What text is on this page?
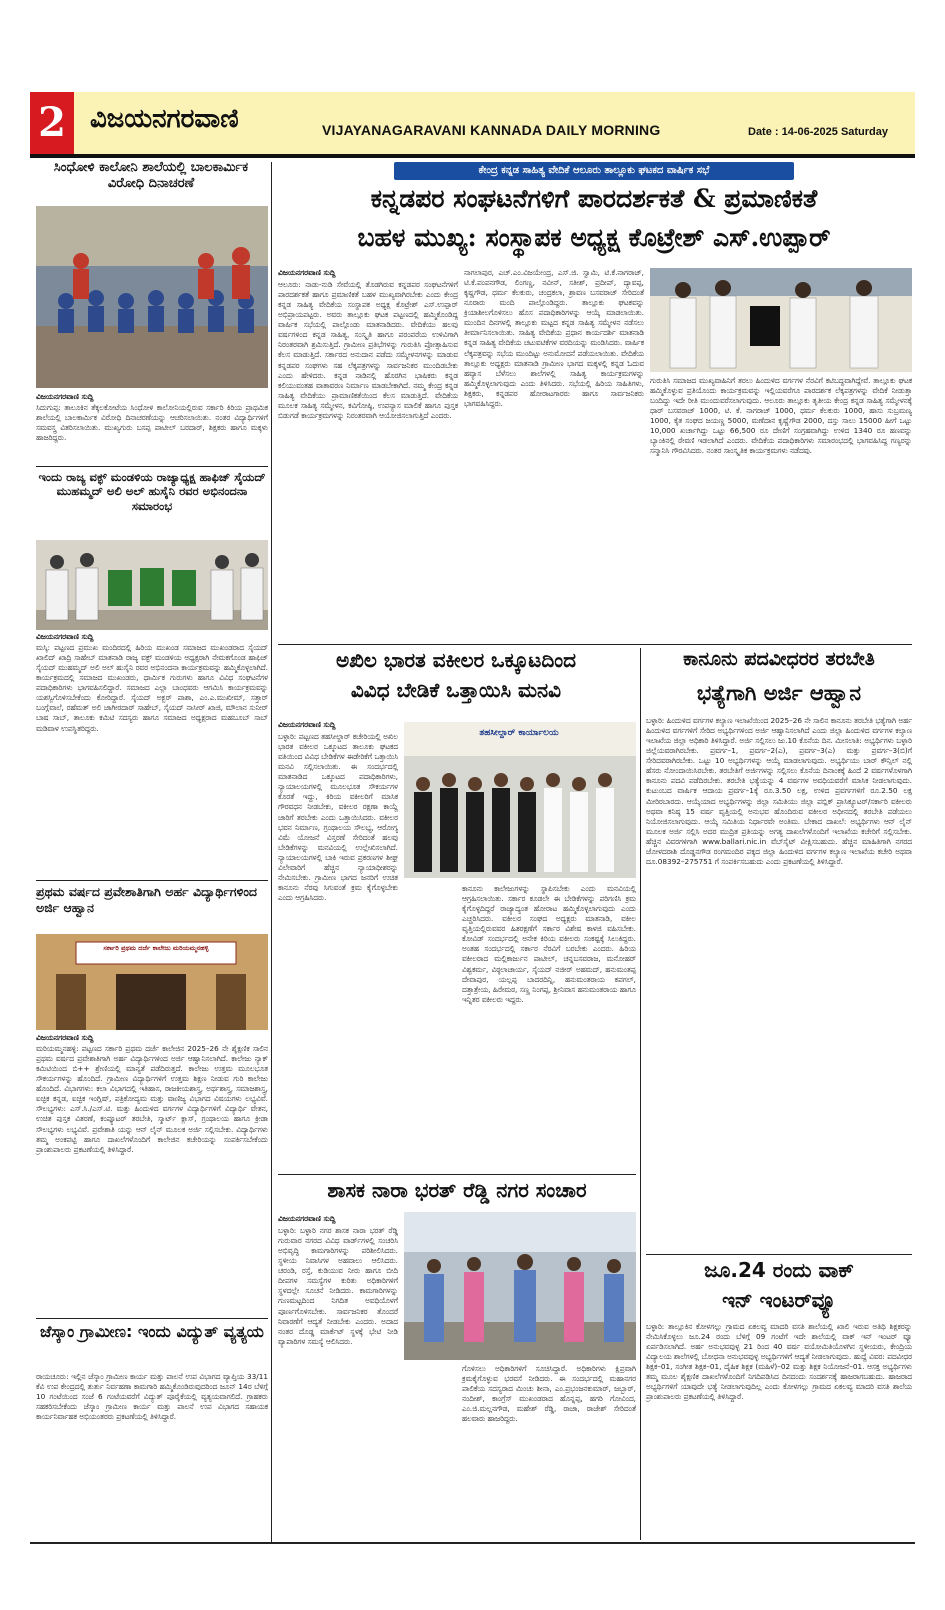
2 ವಿಜಯನಗರವಾಣಿ	VIJAYANAGARAVANI KANNADA DAILY MORNING	Date : 14-06-2025 Saturday
ಸಿಂಧೋಳಿ ಕಾಲೋನಿ ಶಾಲೆಯಲ್ಲಿ ಬಾಲಕಾರ್ಮಿಕ ವಿರೋಧಿ ದಿನಾಚರಣೆ
ವಿಜಯನಗರವಾಣಿ ಸುದ್ದಿ
ಸಿದುಗುಪ್ಪ: ತಾಲೂಕಿನ ತೆಕ್ಕಲಕೋಟೆಯ ಸಿಂಧೋಳಿ ಕಾಲೋನಿಯಲ್ಲಿರುವ ಸರ್ಕಾರಿ ಕಿರಿಯ ಪ್ರಾಥಮಿಕ ಶಾಲೆಯಲ್ಲಿ ಬಾಲಕಾರ್ಮಿಕ ವಿರೋಧಿ ದಿನಾಚರಣೆಯನ್ನು ಆಚರಿಸಲಾಯಿತು. ನಂತರ ವಿದ್ಯಾರ್ಥಿಗಳಿಗೆ ಸಮವಸ್ತ್ರ ವಿತರಿಸಲಾಯಿತು. ಮುಖ್ಯಗುರು ಬಸಪ್ಪ ಪಾಟೀಲ್ ಬರದಾರ್, ಶಿಕ್ಷಕರು ಹಾಗೂ ಮಕ್ಕಳು ಹಾಜರಿದ್ದರು.
ಇಂದು ರಾಜ್ಯ ವಕ್ಫ್ ಮಂಡಳಿಯ ರಾಜ್ಯಾಧ್ಯಕ್ಷ ಹಾಫಿಜ್ ಸೈಯದ್ ಮುಹಮ್ಮದ್ ಅಲಿ ಅಲ್ ಹುಸೈನಿ ರವರ ಅಭಿನಂದನಾ ಸಮಾರಂಭ
ವಿಜಯನಗರವಾಣಿ ಸುದ್ದಿ
ಮಸ್ಕಿ: ಪಟ್ಟಣದ ಪ್ರಮುಖ ಮಂದಿರದಲ್ಲಿ ಹಿರಿಯ ಮುಖಂಡ ಸಮಾಜದ ಮುಖಂಡರಾದ ಸೈಯದ್ ಖಾಲಿದ್ ಖಾದ್ರಿ ಸಾಹೇಬ್ ಮಾತನಾಡಿ ರಾಜ್ಯ ವಕ್ಫ್ ಮಂಡಳಿಯ ಅಧ್ಯಕ್ಷರಾಗಿ ನೇಮಕಗೊಂಡ ಹಾಫಿಜ್ ಸೈಯದ್ ಮುಹಮ್ಮದ್ ಅಲಿ ಅಲ್ ಹುಸೈನಿ ರವರ ಅಭಿನಂದನಾ ಕಾರ್ಯಕ್ರಮವನ್ನು ಹಮ್ಮಿಕೊಳ್ಳಲಾಗಿದೆ. ಕಾರ್ಯಕ್ರಮದಲ್ಲಿ ಸಮಾಜದ ಮುಖಂಡರು, ಧಾರ್ಮಿಕ ಗುರುಗಳು ಹಾಗೂ ವಿವಿಧ ಸಂಘಟನೆಗಳ ಪದಾಧಿಕಾರಿಗಳು ಭಾಗವಹಿಸಲಿದ್ದಾರೆ. ಸಮಾಜದ ಎಲ್ಲಾ ಬಾಂಧವರು ಆಗಮಿಸಿ ಕಾರ್ಯಕ್ರಮವನ್ನು ಯಶಸ್ವಿಗೊಳಿಸಬೇಕೆಂದು ಕೋರಿದ್ದಾರೆ. ಸೈಯದ್ ಅಕ್ಬರ್ ಪಾಶಾ, ಎಂ.ಎ.ಮುಖೀಮ್, ಸತ್ತಾರ್ ಬಂಗ್ಲೆವಾಲೆ, ರಹೆಮತ್ ಅಲಿ ಜಾಗೀರದಾರ್ ಸಾಹೇಬ್, ಸೈಯದ್ ನಾಸೀರ್ ಖಾಜಿ, ಮೌಲಾನ ಸುನೀರ್ ಬಾಷ ಸಾಬ್, ತಾಲೂಕು ಕಮಿಟಿ ಸದಸ್ಯರು ಹಾಗೂ ಸಮಾಜದ ಅಧ್ಯಕ್ಷರಾದ ಮಹಬೂಬ್ ಸಾಬ್ ಮಡಿವಾಳ ಉಪಸ್ಥಿತರಿದ್ದರು.
ಪ್ರಥಮ ವರ್ಷದ ಪ್ರವೇಶಾತಿಗಾಗಿ ಅರ್ಹ ವಿದ್ಯಾರ್ಥಿಗಳಿಂದ ಅರ್ಜಿ ಆಹ್ವಾನ
ಸರ್ಕಾರಿ ಪ್ರಥಮ ದರ್ಜೆ ಕಾಲೇಜು ಮರಿಯಮ್ಮನಹಳ್ಳಿ
ವಿಜಯನಗರವಾಣಿ ಸುದ್ದಿ
ಮರಿಯಮ್ಮನಹಳ್ಳಿ: ಪಟ್ಟಣದ ಸರ್ಕಾರಿ ಪ್ರಥಮ ದರ್ಜೆ ಕಾಲೇಜಿನ 2025–26 ನೇ ಶೈಕ್ಷಣಿಕ ಸಾಲಿನ ಪ್ರಥಮ ವರ್ಷದ ಪ್ರವೇಶಾತಿಗಾಗಿ ಅರ್ಹ ವಿದ್ಯಾರ್ಥಿಗಳಿಂದ ಅರ್ಜಿ ಆಹ್ವಾನಿಸಲಾಗಿದೆ. ಕಾಲೇಜು ನ್ಯಾಕ್ ಕಮಿಟಿಯಿಂದ ಬಿ++ ಶ್ರೇಣಿಯಲ್ಲಿ ಮಾನ್ಯತೆ ಪಡೆದಿರುತ್ತದೆ. ಕಾಲೇಜು ಉತ್ತಮ ಮೂಲಭೂತ ಸೌಕರ್ಯಗಳನ್ನು ಹೊಂದಿದೆ. ಗ್ರಾಮೀಣ ವಿದ್ಯಾರ್ಥಿಗಳಿಗೆ ಉತ್ತಮ ಶಿಕ್ಷಣ ನೀಡುವ ಗುರಿ ಕಾಲೇಜು ಹೊಂದಿದೆ. ವಿಭಾಗಗಳು: ಕಲಾ ವಿಭಾಗದಲ್ಲಿ ಇತಿಹಾಸ, ರಾಜಕೀಯಶಾಸ್ತ್ರ, ಅರ್ಥಶಾಸ್ತ್ರ, ಸಮಾಜಶಾಸ್ತ್ರ, ಐಚ್ಛಿಕ ಕನ್ನಡ, ಐಚ್ಛಿಕ ಇಂಗ್ಲಿಷ್, ಪತ್ರಿಕೋದ್ಯಮ ಮತ್ತು ವಾಣಿಜ್ಯ ವಿಭಾಗದ ವಿಷಯಗಳು ಲಭ್ಯವಿವೆ. ಸೌಲಭ್ಯಗಳು: ಎಸ್.ಸಿ./ಎಸ್.ಟಿ. ಮತ್ತು ಹಿಂದುಳಿದ ವರ್ಗಗಳ ವಿದ್ಯಾರ್ಥಿಗಳಿಗೆ ವಿದ್ಯಾರ್ಥಿ ವೇತನ, ಉಚಿತ ಪುಸ್ತಕ ವಿತರಣೆ, ಕಂಪ್ಯೂಟರ್ ತರಬೇತಿ, ಸ್ಮಾರ್ಟ್ ಕ್ಲಾಸ್, ಗ್ರಂಥಾಲಯ ಹಾಗೂ ಕ್ರೀಡಾ ಸೌಲಭ್ಯಗಳು ಲಭ್ಯವಿವೆ. ಪ್ರವೇಶಾತಿ ಯನ್ನು ಆನ್ ಲೈನ್ ಮೂಲಕ ಅರ್ಜಿ ಸಲ್ಲಿಸಬೇಕು. ವಿದ್ಯಾರ್ಥಿಗಳು ತಮ್ಮ ಅಂಕಪಟ್ಟಿ ಹಾಗೂ ದಾಖಲೆಗಳೊಂದಿಗೆ ಕಾಲೇಜಿನ ಕಚೇರಿಯನ್ನು ಸಂಪರ್ಕಿಸಬೇಕೆಂದು ಪ್ರಾಂಶುಪಾಲರು ಪ್ರಕಟಣೆಯಲ್ಲಿ ತಿಳಿಸಿದ್ದಾರೆ.
ಜೆಸ್ಕಾಂ ಗ್ರಾಮೀಣ: ಇಂದು ವಿದ್ಯುತ್ ವ್ಯತ್ಯಯ
ರಾಯಚೂರು: ಇಲ್ಲಿನ ಜೆಸ್ಕಾಂ ಗ್ರಾಮೀಣ ಕಾರ್ಯ ಮತ್ತು ಪಾಲನೆ ಉಪ ವಿಭಾಗದ ವ್ಯಾಪ್ತಿಯ 33/11 ಕೆವಿ ಉಪ ಕೇಂದ್ರದಲ್ಲಿ ತುರ್ತು ನಿರ್ವಹಣಾ ಕಾಮಗಾರಿ ಹಮ್ಮಿಕೊಂಡಿರುವುದರಿಂದ ಜೂನ್ 14ರ ಬೆಳಿಗ್ಗೆ 10 ಗಂಟೆಯಿಂದ ಸಂಜೆ 6 ಗಂಟೆಯವರೆಗೆ ವಿದ್ಯುತ್ ಪೂರೈಕೆಯಲ್ಲಿ ವ್ಯತ್ಯಯವಾಗಲಿದೆ. ಗ್ರಾಹಕರು ಸಹಕರಿಸಬೇಕೆಂದು ಜೆಸ್ಕಾಂ ಗ್ರಾಮೀಣ ಕಾರ್ಯ ಮತ್ತು ಪಾಲನೆ ಉಪ ವಿಭಾಗದ ಸಹಾಯಕ ಕಾರ್ಯನಿರ್ವಾಹಕ ಅಭಿಯಂತರರು ಪ್ರಕಟಣೆಯಲ್ಲಿ ತಿಳಿಸಿದ್ದಾರೆ.
ಕೇಂದ್ರ ಕನ್ನಡ ಸಾಹಿತ್ಯ ವೇದಿಕೆ ಆಲೂರು ತಾಲ್ಲೂಕು ಘಟಕದ ವಾರ್ಷಿಕ ಸಭೆ
ಕನ್ನಡಪರ ಸಂಘಟನೆಗಳಿಗೆ ಪಾರದರ್ಶಕತೆ & ಪ್ರಮಾಣಿಕತೆ
ಬಹಳ ಮುಖ್ಯ: ಸಂಸ್ಥಾಪಕ ಅಧ್ಯಕ್ಷ ಕೊಟ್ರೇಶ್ ಎಸ್.ಉಪ್ಪಾರ್
ವಿಜಯನಗರವಾಣಿ ಸುದ್ದಿ
ಆಲೂರು: ನಾಡು-ನುಡಿ ಸೇವೆಯಲ್ಲಿ ತೊಡಗಿರುವ ಕನ್ನಡಪರ ಸಂಘಟನೆಗಳಿಗೆ ಪಾರದರ್ಶಕತೆ ಹಾಗೂ ಪ್ರಮಾಣಿಕತೆ ಬಹಳ ಮುಖ್ಯವಾಗಿರಬೇಕು ಎಂದು ಕೇಂದ್ರ ಕನ್ನಡ ಸಾಹಿತ್ಯ ವೇದಿಕೆಯ ಸಂಸ್ಥಾಪಕ ಅಧ್ಯಕ್ಷ ಕೊಟ್ರೇಶ್ ಎಸ್.ಉಪ್ಪಾರ್ ಅಭಿಪ್ರಾಯಪಟ್ಟರು. ಅವರು ತಾಲ್ಲೂಕು ಘಟಕ ಪಟ್ಟಣದಲ್ಲಿ ಹಮ್ಮಿಕೊಂಡಿದ್ದ ವಾರ್ಷಿಕ ಸಭೆಯಲ್ಲಿ ಪಾಲ್ಗೊಂಡು ಮಾತನಾಡಿದರು. ವೇದಿಕೆಯು ಹಲವು ವರ್ಷಗಳಿಂದ ಕನ್ನಡ ಸಾಹಿತ್ಯ, ಸಂಸ್ಕೃತಿ ಹಾಗೂ ಪರಂಪರೆಯ ಉಳಿವಿಗಾಗಿ ನಿರಂತರವಾಗಿ ಶ್ರಮಿಸುತ್ತಿದೆ. ಗ್ರಾಮೀಣ ಪ್ರತಿಭೆಗಳನ್ನು ಗುರುತಿಸಿ ಪ್ರೋತ್ಸಾಹಿಸುವ ಕೆಲಸ ಮಾಡುತ್ತಿದೆ. ಸರ್ಕಾರದ ಅನುದಾನ ಪಡೆದು ಸಮ್ಮೇಳನಗಳನ್ನು ಮಾಡುವ ಕನ್ನಡಪರ ಸಂಘಗಳು ಸಹ ಲೆಕ್ಕಪತ್ರಗಳನ್ನು ಸಾರ್ವಜನಿಕರ ಮುಂದಿಡಬೇಕು ಎಂದು ಹೇಳಿದರು. ಕನ್ನಡ ನಾಡಿನಲ್ಲಿ ಹೊರಗಿನ ಭಾಷಿಕರು ಕನ್ನಡ ಕಲಿಯುವಂತಹ ವಾತಾವರಣ ನಿರ್ಮಾಣ ಮಾಡಬೇಕಾಗಿದೆ. ನಮ್ಮ ಕೇಂದ್ರ ಕನ್ನಡ ಸಾಹಿತ್ಯ ವೇದಿಕೆಯು ಪ್ರಾಮಾಣಿಕತೆಯಿಂದ ಕೆಲಸ ಮಾಡುತ್ತಿದೆ. ವೇದಿಕೆಯ ಮೂಲಕ ಸಾಹಿತ್ಯ ಸಮ್ಮೇಳನ, ಕವಿಗೋಷ್ಠಿ, ಉಪನ್ಯಾಸ ಮಾಲಿಕೆ ಹಾಗೂ ಪುಸ್ತಕ ಬಿಡುಗಡೆ ಕಾರ್ಯಕ್ರಮಗಳನ್ನು ನಿರಂತರವಾಗಿ ಆಯೋಜಿಸಲಾಗುತ್ತಿದೆ ಎಂದರು.
ನಾಗಲಾಪುರ, ಎಚ್.ಎಂ.ವಿಜಯೇಂದ್ರ, ಎಸ್.ಜಿ. ಸ್ವಾಮಿ, ಟಿ.ಕೆ.ನಾಗರಾಜ್, ಟಿ.ಕೆ.ಪಂಪನಗೌಡ, ಲಿಂಗಣ್ಣ, ನವೀನ್, ಸತೀಶ್, ಪ್ರದೀಪ್, ದ್ಯಾವಪ್ಪ, ಕೃಷ್ಣಗೌಡ, ಧರ್ಮ ಕೆಲಕುರು, ಚಂದ್ರಕಲಾ, ಶ್ರಾವಣ ಬಸವರಾಜ್ ಸೇರಿದಂತೆ ನೂರಾರು ಮಂದಿ ಪಾಲ್ಗೊಂಡಿದ್ದರು. ತಾಲ್ಲೂಕು ಘಟಕವನ್ನು ಕ್ರಿಯಾಶೀಲಗೊಳಿಸಲು ಹೊಸ ಪದಾಧಿಕಾರಿಗಳನ್ನು ಆಯ್ಕೆ ಮಾಡಲಾಯಿತು. ಮುಂದಿನ ದಿನಗಳಲ್ಲಿ ತಾಲ್ಲೂಕು ಮಟ್ಟದ ಕನ್ನಡ ಸಾಹಿತ್ಯ ಸಮ್ಮೇಳನ ನಡೆಸಲು ತೀರ್ಮಾನಿಸಲಾಯಿತು. ಸಾಹಿತ್ಯ ವೇದಿಕೆಯ ಪ್ರಧಾನ ಕಾರ್ಯದರ್ಶಿ ಮಾತನಾಡಿ ಕನ್ನಡ ಸಾಹಿತ್ಯ ವೇದಿಕೆಯ ಚಟುವಟಿಕೆಗಳ ವರದಿಯನ್ನು ಮಂಡಿಸಿದರು. ವಾರ್ಷಿಕ ಲೆಕ್ಕಪತ್ರವನ್ನು ಸಭೆಯ ಮುಂದಿಟ್ಟು ಅನುಮೋದನೆ ಪಡೆಯಲಾಯಿತು. ವೇದಿಕೆಯ ತಾಲ್ಲೂಕು ಅಧ್ಯಕ್ಷರು ಮಾತನಾಡಿ ಗ್ರಾಮೀಣ ಭಾಗದ ಮಕ್ಕಳಲ್ಲಿ ಕನ್ನಡ ಓದುವ ಹವ್ಯಾಸ ಬೆಳೆಸಲು ಶಾಲೆಗಳಲ್ಲಿ ಸಾಹಿತ್ಯ ಕಾರ್ಯಕ್ರಮಗಳನ್ನು ಹಮ್ಮಿಕೊಳ್ಳಲಾಗುವುದು ಎಂದು ತಿಳಿಸಿದರು. ಸಭೆಯಲ್ಲಿ ಹಿರಿಯ ಸಾಹಿತಿಗಳು, ಶಿಕ್ಷಕರು, ಕನ್ನಡಪರ ಹೋರಾಟಗಾರರು ಹಾಗೂ ಸಾರ್ವಜನಿಕರು ಭಾಗವಹಿಸಿದ್ದರು.
ಗುರುತಿಸಿ ಸಮಾಜದ ಮುಖ್ಯವಾಹಿನಿಗೆ ತರಲು ಹಿಂದುಳಿದ ವರ್ಗಗಳ ನೆರವಿಗೆ ಕಟಿಬದ್ಧವಾಗಿದ್ದೇವೆ. ತಾಲ್ಲೂಕು ಘಟಕ ಹಮ್ಮಿಕೊಳ್ಳುವ ಪ್ರತಿಯೊಂದು ಕಾರ್ಯಕ್ರಮವನ್ನು ಇಲ್ಲಿಯವರೆಗೂ ಪಾರದರ್ಶಕ ಲೆಕ್ಕಪತ್ರಗಳನ್ನು ವೇದಿಕೆ ನೀಡುತ್ತಾ ಬಂದಿದ್ದು ಇದೇ ರೀತಿ ಮುಂದುವರೆಸಲಾಗುವುದು. ಆಲೂರು ತಾಲ್ಲೂಕು ತೃತೀಯ ಕೇಂದ್ರ ಕನ್ನಡ ಸಾಹಿತ್ಯ ಸಮ್ಮೇಳನಕ್ಕೆ ಧಾರ್ ಬಸವರಾಜ್ 1000, ಟಿ. ಕೆ. ನಾಗರಾಜ್ 1000, ಧರ್ಮ ಕೆಲಕುರು 1000, ಹಾಸು ಸುಬ್ರಮಣ್ಯ 1000, ಕೈತ ಸಂಘದ ಜಯಣ್ಣ 5000, ಮಣೆದಾನ ಕೃಷ್ಣೆಗೌಡ 2000, ದಸ್ತು ಸಾಲು 15000 ಹೀಗೆ ಒಟ್ಟು 10,000 ಖರ್ಚಾಗಿದ್ದು ಒಟ್ಟು 66,500 ರೂ ದೇಣಿಗೆ ಸಂಗ್ರಹವಾಗಿದ್ದು ಉಳಿದ 1340 ರೂ ಹಣವನ್ನು ಬ್ಯಾಂಕಿನಲ್ಲಿ ಠೇವಣಿ ಇಡಲಾಗಿದೆ ಎಂದರು. ವೇದಿಕೆಯ ಪದಾಧಿಕಾರಿಗಳು ಸಮಾರಂಭದಲ್ಲಿ ಭಾಗವಹಿಸಿದ್ದ ಗಣ್ಯರನ್ನು ಸನ್ಮಾನಿಸಿ ಗೌರವಿಸಿದರು. ನಂತರ ಸಾಂಸ್ಕೃತಿಕ ಕಾರ್ಯಕ್ರಮಗಳು ನಡೆದವು.
ಅಖಿಲ ಭಾರತ ವಕೀಲರ ಒಕ್ಕೂಟದಿಂದ
ವಿವಿಧ ಬೇಡಿಕೆ ಒತ್ತಾಯಿಸಿ ಮನವಿ
ವಿಜಯನಗರವಾಣಿ ಸುದ್ದಿ
ಬಳ್ಳಾರಿ: ಪಟ್ಟಣದ ತಹಸೀಲ್ದಾರ್ ಕಚೇರಿಯಲ್ಲಿ ಅಖಿಲ ಭಾರತ ವಕೀಲರ ಒಕ್ಕೂಟದ ತಾಲೂಕು ಘಟಕದ ವತಿಯಿಂದ ವಿವಿಧ ಬೇಡಿಕೆಗಳ ಈಡೇರಿಕೆಗೆ ಒತ್ತಾಯಿಸಿ ಮನವಿ ಸಲ್ಲಿಸಲಾಯಿತು. ಈ ಸಂದರ್ಭದಲ್ಲಿ ಮಾತನಾಡಿದ ಒಕ್ಕೂಟದ ಪದಾಧಿಕಾರಿಗಳು, ನ್ಯಾಯಾಲಯಗಳಲ್ಲಿ ಮೂಲಭೂತ ಸೌಕರ್ಯಗಳ ಕೊರತೆ ಇದ್ದು, ಕಿರಿಯ ವಕೀಲರಿಗೆ ಮಾಸಿಕ ಗೌರವಧನ ನೀಡಬೇಕು, ವಕೀಲರ ರಕ್ಷಣಾ ಕಾಯ್ದೆ ಜಾರಿಗೆ ತರಬೇಕು ಎಂದು ಒತ್ತಾಯಿಸಿದರು. ವಕೀಲರ ಭವನ ನಿರ್ಮಾಣ, ಗ್ರಂಥಾಲಯ ಸೌಲಭ್ಯ, ಆರೋಗ್ಯ ವಿಮೆ ಯೋಜನೆ ವಿಸ್ತರಣೆ ಸೇರಿದಂತೆ ಹಲವು ಬೇಡಿಕೆಗಳನ್ನು ಮನವಿಯಲ್ಲಿ ಉಲ್ಲೇಖಿಸಲಾಗಿದೆ. ನ್ಯಾಯಾಲಯಗಳಲ್ಲಿ ಬಾಕಿ ಇರುವ ಪ್ರಕರಣಗಳ ಶೀಘ್ರ ವಿಲೇವಾರಿಗೆ ಹೆಚ್ಚಿನ ನ್ಯಾಯಾಧೀಶರನ್ನು ನೇಮಿಸಬೇಕು. ಗ್ರಾಮೀಣ ಭಾಗದ ಜನರಿಗೆ ಉಚಿತ ಕಾನೂನು ನೆರವು ಸಿಗುವಂತೆ ಕ್ರಮ ಕೈಗೊಳ್ಳಬೇಕು ಎಂದು ಆಗ್ರಹಿಸಿದರು.
ತಹಸೀಲ್ದಾರ್ ಕಾರ್ಯಾಲಯ
ಕಾನೂನು ಕಾಲೇಜುಗಳನ್ನು ಸ್ಥಾಪಿಸಬೇಕು ಎಂದು ಮನವಿಯಲ್ಲಿ ಆಗ್ರಹಿಸಲಾಯಿತು. ಸರ್ಕಾರ ಕೂಡಲೇ ಈ ಬೇಡಿಕೆಗಳನ್ನು ಪರಿಗಣಿಸಿ ಕ್ರಮ ಕೈಗೊಳ್ಳದಿದ್ದರೆ ರಾಜ್ಯಾದ್ಯಂತ ಹೋರಾಟ ಹಮ್ಮಿಕೊಳ್ಳಲಾಗುವುದು ಎಂದು ಎಚ್ಚರಿಸಿದರು. ವಕೀಲರ ಸಂಘದ ಅಧ್ಯಕ್ಷರು ಮಾತನಾಡಿ, ವಕೀಲ ವೃತ್ತಿಯಲ್ಲಿರುವವರ ಹಿತರಕ್ಷಣೆಗೆ ಸರ್ಕಾರ ವಿಶೇಷ ಕಾಳಜಿ ವಹಿಸಬೇಕು. ಕೋವಿಡ್ ಸಂದರ್ಭದಲ್ಲಿ ಅನೇಕ ಕಿರಿಯ ವಕೀಲರು ಸಂಕಷ್ಟಕ್ಕೆ ಸಿಲುಕಿದ್ದರು. ಅಂತಹ ಸಂದರ್ಭದಲ್ಲಿ ಸರ್ಕಾರ ನೆರವಿಗೆ ಬರಬೇಕು ಎಂದರು. ಹಿರಿಯ ವಕೀಲರಾದ ಮಲ್ಲಿಕಾರ್ಜುನ ಪಾಟೀಲ್, ಚನ್ನಬಸವರಾಜ, ಮನೋಹರ್ ವಿಶ್ವಕರ್ಮ, ವಿಠ್ಠಲಾಚಾರ್ಯ, ಸೈಯದ್ ನಜೀರ್ ಅಹಮದ್, ಹನುಮಂತಪ್ಪ ದೇವಾಪುರ, ಯಲ್ಲಪ್ಪ ಬಾದರದಿನ್ನಿ, ಹನುಮಂತರಾಯ ಕಪಗಲ್, ದತ್ತಾತ್ರೇಯ, ಹಿರೇಮಠ, ಸಣ್ಣ ನಿಂಗಪ್ಪ, ಶ್ರೀನಿವಾಸ ಹನುಮಂತರಾಯ ಹಾಗೂ ಇನ್ನಿತರ ವಕೀಲರು ಇದ್ದರು.
ಶಾಸಕ ನಾರಾ ಭರತ್ ರೆಡ್ಡಿ ನಗರ ಸಂಚಾರ
ವಿಜಯನಗರವಾಣಿ ಸುದ್ದಿ
ಬಳ್ಳಾರಿ: ಬಳ್ಳಾರಿ ನಗರ ಶಾಸಕ ನಾರಾ ಭರತ್ ರೆಡ್ಡಿ ಗುರುವಾರ ನಗರದ ವಿವಿಧ ವಾರ್ಡ್‌ಗಳಲ್ಲಿ ಸಂಚರಿಸಿ ಅಭಿವೃದ್ಧಿ ಕಾಮಗಾರಿಗಳನ್ನು ಪರಿಶೀಲಿಸಿದರು. ಸ್ಥಳೀಯ ನಿವಾಸಿಗಳ ಅಹವಾಲು ಆಲಿಸಿದರು. ಚರಂಡಿ, ರಸ್ತೆ, ಕುಡಿಯುವ ನೀರು ಹಾಗೂ ಬೀದಿ ದೀಪಗಳ ಸಮಸ್ಯೆಗಳ ಕುರಿತು ಅಧಿಕಾರಿಗಳಿಗೆ ಸ್ಥಳದಲ್ಲೇ ಸೂಚನೆ ನೀಡಿದರು. ಕಾಮಗಾರಿಗಳನ್ನು ಗುಣಮಟ್ಟದಿಂದ ನಿಗದಿತ ಅವಧಿಯೊಳಗೆ ಪೂರ್ಣಗೊಳಿಸಬೇಕು. ಸಾರ್ವಜನಿಕರ ತೊಂದರೆ ನಿವಾರಣೆಗೆ ಆದ್ಯತೆ ನೀಡಬೇಕು ಎಂದರು. ಅದಾದ ನಂತರ ದೊಡ್ಡ ಮಾರ್ಕೆಟ್ ಸ್ಥಳಕ್ಕೆ ಭೇಟಿ ನೀಡಿ ವ್ಯಾಪಾರಿಗಳ ಸಮಸ್ಯೆ ಆಲಿಸಿದರು.
ಗೊಳಿಸಲು ಅಧಿಕಾರಿಗಳಿಗೆ ಸೂಚಿಸಿದ್ದಾರೆ. ಅಧಿಕಾರಿಗಳು ಕ್ಷಿಪ್ರವಾಗಿ ಕ್ರಮಕೈಗೊಳ್ಳುವ ಭರವಸೆ ನೀಡಿದರು. ಈ ಸಂದರ್ಭದಲ್ಲಿ ಮಹಾನಗರ ಪಾಲಿಕೆಯ ಸದಸ್ಯರಾದ ಮಿಂಚು ಶೀನಾ, ಎಂ.ಪ್ರಭಂಜನಕುಮಾರ್, ಜಬ್ಬಾರ್, ನಂದೀಶ್, ಕಾಂಗ್ರೆಸ್ ಮುಖಂಡರಾದ ಹೊನ್ನಪ್ಪ, ಹಗರಿ ಗೋವಿಂದ, ಎಂ.ಜಿ.ಮಲ್ಲನಗೌಡ, ಮಹೇಶ್ ರೆಡ್ಡಿ, ರಾಜಾ, ರಾಜೇಶ್ ಸೇರಿದಂತೆ ಹಲವಾರು ಹಾಜರಿದ್ದರು.
ಕಾನೂನು ಪದವೀಧರರ ತರಬೇತಿ
ಭತ್ಯೆಗಾಗಿ ಅರ್ಜಿ ಆಹ್ವಾನ
ಬಳ್ಳಾರಿ: ಹಿಂದುಳಿದ ವರ್ಗಗಳ ಕಲ್ಯಾಣ ಇಲಾಖೆಯಿಂದ 2025–26 ನೇ ಸಾಲಿನ ಕಾನೂನು ತರಬೇತಿ ಭತ್ಯೆಗಾಗಿ ಅರ್ಹ ಹಿಂದುಳಿದ ವರ್ಗಗಳಿಗೆ ಸೇರಿದ ಅಭ್ಯರ್ಥಿಗಳಿಂದ ಅರ್ಜಿ ಆಹ್ವಾನಿಸಲಾಗಿದೆ ಎಂದು ಜಿಲ್ಲಾ ಹಿಂದುಳಿದ ವರ್ಗಗಳ ಕಲ್ಯಾಣ ಇಲಾಖೆಯ ಜಿಲ್ಲಾ ಅಧಿಕಾರಿ ತಿಳಿಸಿದ್ದಾರೆ. ಅರ್ಜಿ ಸಲ್ಲಿಸಲು ಜು.10 ಕೊನೆಯ ದಿನ. ಮೀಸಲಾತಿ: ಅಭ್ಯರ್ಥಿಗಳು ಬಳ್ಳಾರಿ ಜಿಲ್ಲೆಯವರಾಗಿರಬೇಕು. ಪ್ರವರ್ಗ–1, ಪ್ರವರ್ಗ–2(ಎ), ಪ್ರವರ್ಗ–3(ಎ) ಮತ್ತು ಪ್ರವರ್ಗ–3(ಬಿ)ಗೆ ಸೇರಿದವರಾಗಿರಬೇಕು. ಒಟ್ಟು 10 ಅಭ್ಯರ್ಥಿಗಳನ್ನು ಆಯ್ಕೆ ಮಾಡಲಾಗುವುದು. ಅಭ್ಯರ್ಥಿಯು ಬಾರ್ ಕೌನ್ಸಿಲ್ ನಲ್ಲಿ ಹೆಸರು ನೋಂದಾಯಿಸಿರಬೇಕು. ತರಬೇತಿಗೆ ಅರ್ಜಿಗಳನ್ನು ಸಲ್ಲಿಸಲು ಕೊನೆಯ ದಿನಾಂಕಕ್ಕೆ ಹಿಂದೆ 2 ವರ್ಷಗಳೊಳಗಾಗಿ ಕಾನೂನು ಪದವಿ ಪಡೆದಿರಬೇಕು. ತರಬೇತಿ ಭತ್ಯೆಯನ್ನು 4 ವರ್ಷಗಳ ಅವಧಿಯವರೆಗೆ ಮಾಸಿಕ ನೀಡಲಾಗುವುದು. ಕುಟುಂಬದ ವಾರ್ಷಿಕ ಆದಾಯ ಪ್ರವರ್ಗ–1ಕ್ಕೆ ರೂ.3.50 ಲಕ್ಷ, ಉಳಿದ ಪ್ರವರ್ಗಗಳಿಗೆ ರೂ.2.50 ಲಕ್ಷ ಮೀರಿರಬಾರದು. ಆಯ್ಕೆಯಾದ ಅಭ್ಯರ್ಥಿಗಳನ್ನು ಜಿಲ್ಲಾ ಸಮಿತಿಯು ಜಿಲ್ಲಾ ಪಬ್ಲಿಕ್ ಪ್ರಾಸಿಕ್ಯೂಟರ್/ಸರ್ಕಾರಿ ವಕೀಲರು ಅಥವಾ ಕನಿಷ್ಠ 15 ವರ್ಷ ವೃತ್ತಿಯಲ್ಲಿ ಅನುಭವ ಹೊಂದಿರುವ ವಕೀಲರ ಅಧೀನದಲ್ಲಿ ತರಬೇತಿ ಪಡೆಯಲು ನಿಯೋಜಿಸಲಾಗುವುದು. ಆಯ್ಕೆ ಸಮಿತಿಯ ನಿರ್ಧಾರವೇ ಅಂತಿಮ. ಬೇಕಾದ ದಾಖಲೆ: ಅಭ್ಯರ್ಥಿಗಳು ಆನ್ ಲೈನ್ ಮೂಲಕ ಅರ್ಜಿ ಸಲ್ಲಿಸಿ ಅದರ ಮುದ್ರಿತ ಪ್ರತಿಯನ್ನು ಅಗತ್ಯ ದಾಖಲೆಗಳೊಂದಿಗೆ ಇಲಾಖೆಯ ಕಚೇರಿಗೆ ಸಲ್ಲಿಸಬೇಕು. ಹೆಚ್ಚಿನ ವಿವರಗಳಿಗಾಗಿ www.ballari.nic.in ವೆಬ್‌ಸೈಟ್ ವೀಕ್ಷಿಸಬಹುದು. ಹೆಚ್ಚಿನ ಮಾಹಿತಿಗಾಗಿ ನಗರದ ಜೋಳದರಾಶಿ ದೊಡ್ಡನಗೌಡ ರಂಗಮಂದಿರ ಪಕ್ಕದ ಜಿಲ್ಲಾ ಹಿಂದುಳಿದ ವರ್ಗಗಳ ಕಲ್ಯಾಣ ಇಲಾಖೆಯ ಕಚೇರಿ ಅಥವಾ ದೂ.08392–275751 ಗೆ ಸಂಪರ್ಕಿಸಬಹುದು ಎಂದು ಪ್ರಕಟಣೆಯಲ್ಲಿ ತಿಳಿಸಿದ್ದಾರೆ.
ಜೂ.24 ರಂದು ವಾಕ್
ಇನ್ ಇಂಟರ್‌ವ್ಯೂ
ಬಳ್ಳಾರಿ: ತಾಲ್ಲೂಕಿನ ಕೋಳಗಲ್ಲು ಗ್ರಾಮದ ಏಕಲವ್ಯ ಮಾದರಿ ವಸತಿ ಶಾಲೆಯಲ್ಲಿ ಖಾಲಿ ಇರುವ ಅತಿಥಿ ಶಿಕ್ಷಕರನ್ನು ನೇಮಿಸಿಕೊಳ್ಳಲು ಜೂ.24 ರಂದು ಬೆಳಿಗ್ಗೆ 09 ಗಂಟೆಗೆ ಇದೇ ಶಾಲೆಯಲ್ಲಿ ವಾಕ್ ಇನ್ ಇಂಟರ್ ವ್ಯೂ ಏರ್ಪಡಿಸಲಾಗಿದೆ. ಅರ್ಹ ಅನುಭವವುಳ್ಳ 21 ರಿಂದ 40 ವರ್ಷ ವಯೋಮಿತಿಯೊಳಗಿನ ಸ್ಥಳೀಯರು, ಕೇಂದ್ರಿಯ ವಿದ್ಯಾಲಯ ಶಾಲೆಗಳಲ್ಲಿ ಬೋಧನಾ ಅನುಭವವುಳ್ಳ ಅಭ್ಯರ್ಥಿಗಳಿಗೆ ಆದ್ಯತೆ ನೀಡಲಾಗುವುದು. ಹುದ್ದೆ ವಿವರ: ಪದವೀಧರ ಶಿಕ್ಷಕ–01, ಸಂಗೀತ ಶಿಕ್ಷಕ–01, ದೈಹಿಕ ಶಿಕ್ಷಕ (ಮಹಿಳೆ)–02 ಮತ್ತು ಶಿಕ್ಷಕ ನಿಯೋಜನೆ–01. ಆಸಕ್ತ ಅಭ್ಯರ್ಥಿಗಳು ತಮ್ಮ ಮೂಲ ಶೈಕ್ಷಣಿಕ ದಾಖಲೆಗಳೊಂದಿಗೆ ನಿಗದಿಪಡಿಸಿದ ದಿನದಂದು ಸಂದರ್ಶನಕ್ಕೆ ಹಾಜರಾಗಬಹುದು. ಹಾಜರಾದ ಅಭ್ಯರ್ಥಿಗಳಿಗೆ ಯಾವುದೇ ಭತ್ಯೆ ನೀಡಲಾಗುವುದಿಲ್ಲ ಎಂದು ಕೋಳಗಲ್ಲು ಗ್ರಾಮದ ಏಕಲವ್ಯ ಮಾದರಿ ವಸತಿ ಶಾಲೆಯ ಪ್ರಾಂಶುಪಾಲರು ಪ್ರಕಟಣೆಯಲ್ಲಿ ತಿಳಿಸಿದ್ದಾರೆ.
